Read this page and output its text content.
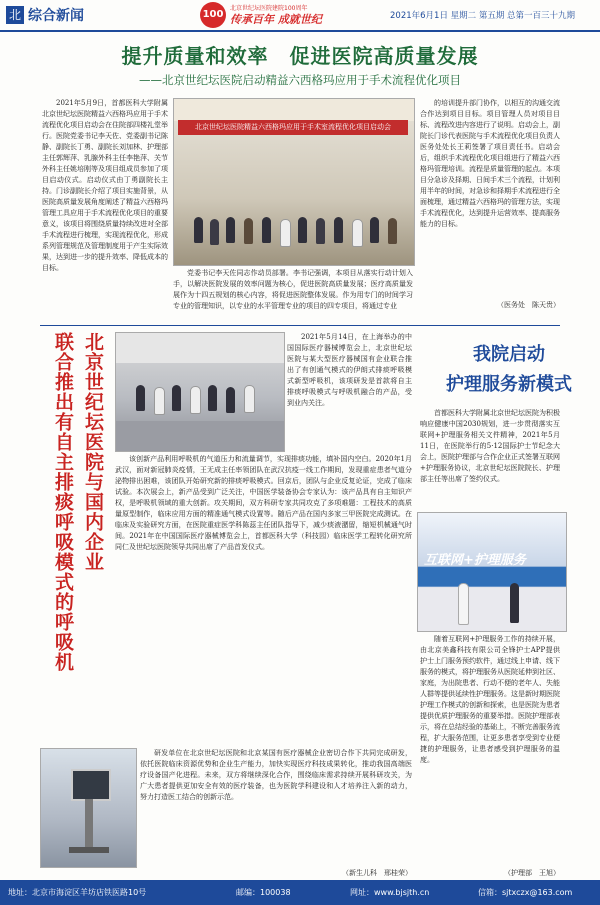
北 综合新闻	100
北京世纪坛医院建院100周年
传承百年 成就世纪	2021年6月1日 星期二 第五期 总第一百三十九期
提升质量和效率　促进医院高质量发展
——北京世纪坛医院启动精益六西格玛应用于手术流程优化项目

2021年5月9日，首都医科大学附属北京世纪坛医院精益六西格玛应用于手术流程优化项目启动会在住院部四楼礼堂举行。医院党委书记李天佐、党委副书记陈静、副院长丁勇、副院长刘加林、护理部主任郭辉萍、乳腺外科主任李艳萍、关节外科主任姚培刚等及项目组成员参加了项目启动仪式。启动仪式由丁勇副院长主持。门诊副院长介绍了项目实施背景，从医院高质量发展角度阐述了精益六西格玛管理工具应用于手术流程优化项目的重要意义，该项目将围绕质量持续改进对全部手术流程进行梳理，实现流程优化，形成系列管理规范及管理制度用于产生实际效果，达到进一步的提升效率、降低成本的目标。

北京世纪坛医院精益六西格玛应用于手术室流程优化项目启动会

党委书记李天佐同志作动员部署。李书记强调，本项目从落实行动计划入手，以解决医院发展的效率问题为核心，促进医院高质量发展；医疗高质量发展作为十四五规划的核心内容，将促进医院整体发展。作为用专门的时间学习专业的管理知识，以专业的水平管理专业的项目的四专项目，将通过专业

的培训提升部门协作，以相互的沟通交流合作达到项目目标。项目管理人员对项目目标、流程改进内容进行了说明。启动会上，副院长门诊代表医院与手术流程优化项目负责人医务处处长王莉签署了项目责任书。启动会后，组织手术流程优化项目组进行了精益六西格玛管理培训。流程是质量管理的起点。本项目分急诊及择期、日间手术三个流程，计划利用半年的时间，对急诊和择期手术流程进行全面梳理，通过精益六西格玛的管理方法，实现手术流程优化，达到提升运营效率、提高服务能力的目标。

（医务处　陈天贵）
北京世纪坛医院与国内企业
联合推出有自主排痰呼吸模式的呼吸机	2021年5月14日，在上海举办的中国国际医疗器械博览会上，北京世纪坛医院与某大型医疗器械国有企业联合推出了有创通气模式的伊朗式排痰呼吸模式新型呼吸机，该项研发是首款将自主排痰呼吸模式与呼吸机融合的产品，受到业内关注。

该创新产品利用呼吸机的气道压力和流量调节，实现排痰功能，填补国内空白。2020年1月武汉，面对新冠肺炎疫情，王无成主任率领团队在武汉抗疫一线工作期间，发现重症患者气道分泌物排出困难，该团队开始研究新的排痰呼吸模式。回京后，团队与企业反复论证，完成了临床试验。本次展会上，新产品受到广泛关注，中国医学装备协会专家认为：该产品具有自主知识产权，是呼吸机领域的重大创新。攻关期间，双方科研专家共同攻克了多项难题：工程技术的高质量原型制作，临床应用方面的精准通气模式设置等。随后产品在国内多家三甲医院完成测试。在临床及实验研究方面，在医院重症医学科陈蕊主任团队指导下，减少痰液潴留，缩短机械通气时间。2021年在中国国际医疗器械博览会上，首都医科大学（科技园）临床医学工程转化研究所同仁及世纪坛医院领导共同出席了产品首发仪式。

研发单位在北京世纪坛医院和北京某国有医疗器械企业密切合作下共同完成研发，依托医院临床资源优势和企业生产能力，加快实现医疗科技成果转化，推动我国高端医疗设备国产化进程。未来，双方将继续深化合作，围绕临床需求持续开展科研攻关，为广大患者提供更加安全有效的医疗装备，也为医院学科建设和人才培养注入新的动力，努力打造医工结合的创新示范。

（新生儿科　邢桂荣）
我院启动
护理服务新模式

首都医科大学附属北京世纪坛医院为积极响应健康中国2030规划，进一步贯彻落实互联网+护理服务相关文件精神，2021年5月11日，在医院举行的5·12国际护士节纪念大会上，医院护理部与合作企业正式签署互联网+护理服务协议，北京世纪坛医院院长、护理部主任等出席了签约仪式。

互联网+护理服务

随着互联网+护理服务工作的持续开展，由北京美鑫科技有限公司全锋护士APP提供护士上门服务预约软件，通过线上申请、线下服务的模式，将护理服务从医院延伸到社区、家庭，为出院患者、行动不便的老年人、失能人群等提供延续性护理服务。这是新时期医院护理工作模式的创新和探索，也是医院为患者提供优质护理服务的重要举措。医院护理部表示，将在总结经验的基础上，不断完善服务流程，扩大服务范围，让更多患者享受到专业便捷的护理服务，让患者感受到护理服务的温度。

（护理部　王旭）
地址：北京市海淀区羊坊店铁医路10号	邮编：100038	网址：www.bjsjth.cn	信箱：sjtxczx@163.com
